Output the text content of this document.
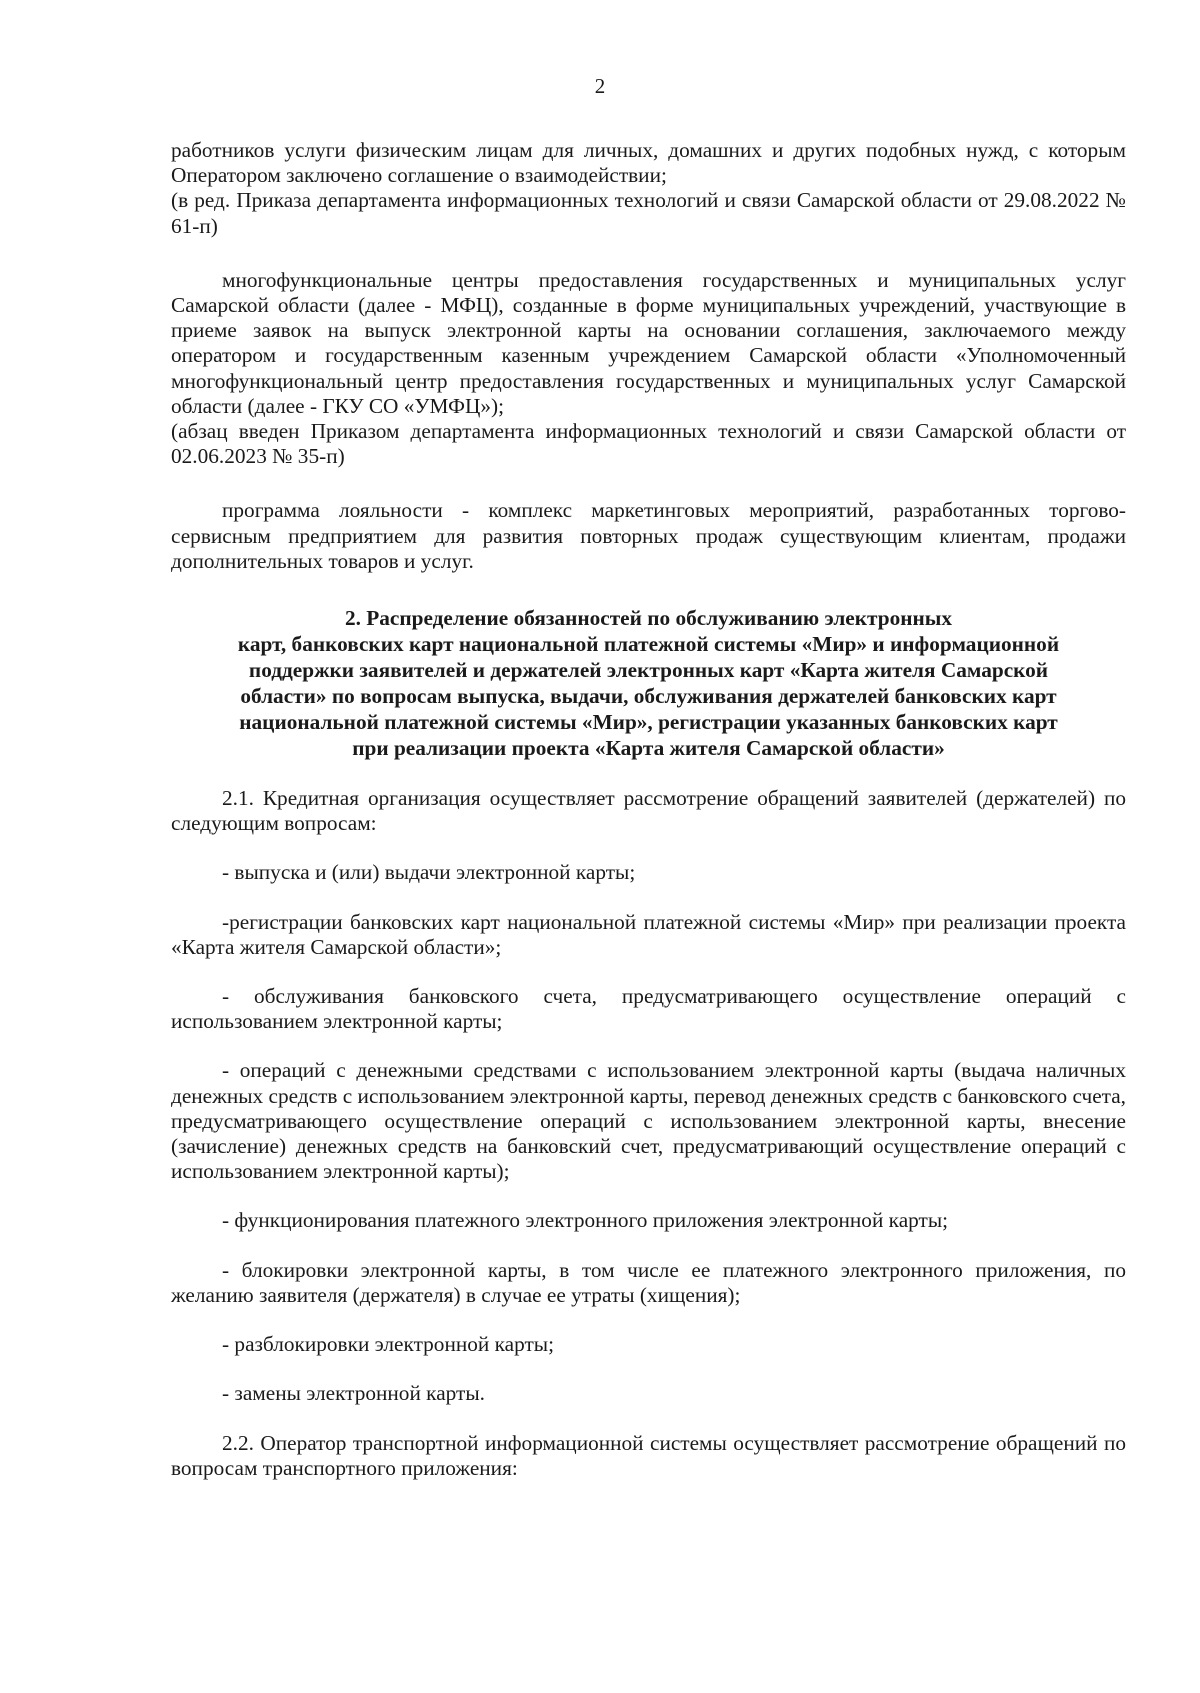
2

работников услуги физическим лицам для личных, домашних и других подобных нужд, с которым Оператором заключено соглашение о взаимодействии;

(в ред. Приказа департамента информационных технологий и связи Самарской области от 29.08.2022 № 61-п)

многофункциональные центры предоставления государственных и муниципальных услуг Самарской области (далее - МФЦ), созданные в форме муниципальных учреждений, участвующие в приеме заявок на выпуск электронной карты на основании соглашения, заключаемого между оператором и государственным казенным учреждением Самарской области «Уполномоченный многофункциональный центр предоставления государственных и муниципальных услуг Самарской области (далее - ГКУ СО «УМФЦ»);

(абзац введен Приказом департамента информационных технологий и связи Самарской области от 02.06.2023 № 35-п)

программа лояльности - комплекс маркетинговых мероприятий, разработанных торгово-сервисным предприятием для развития повторных продаж существующим клиентам, продажи дополнительных товаров и услуг.

2. Распределение обязанностей по обслуживанию электронных
карт, банковских карт национальной платежной системы «Мир» и информационной
поддержки заявителей и держателей электронных карт «Карта жителя Самарской
области» по вопросам выпуска, выдачи, обслуживания держателей банковских карт
национальной платежной системы «Мир», регистрации указанных банковских карт
при реализации проекта «Карта жителя Самарской области»

2.1. Кредитная организация осуществляет рассмотрение обращений заявителей (держателей) по следующим вопросам:

- выпуска и (или) выдачи электронной карты;

-регистрации банковских карт национальной платежной системы «Мир» при реализации проекта «Карта жителя Самарской области»;

- обслуживания банковского счета, предусматривающего осуществление операций с использованием электронной карты;

- операций с денежными средствами с использованием электронной карты (выдача наличных денежных средств с использованием электронной карты, перевод денежных средств с банковского счета, предусматривающего осуществление операций с использованием электронной карты, внесение (зачисление) денежных средств на банковский счет, предусматривающий осуществление операций с использованием электронной карты);

- функционирования платежного электронного приложения электронной карты;

- блокировки электронной карты, в том числе ее платежного электронного приложения, по желанию заявителя (держателя) в случае ее утраты (хищения);

- разблокировки электронной карты;

- замены электронной карты.

2.2. Оператор транспортной информационной системы осуществляет рассмотрение обращений по вопросам транспортного приложения:
